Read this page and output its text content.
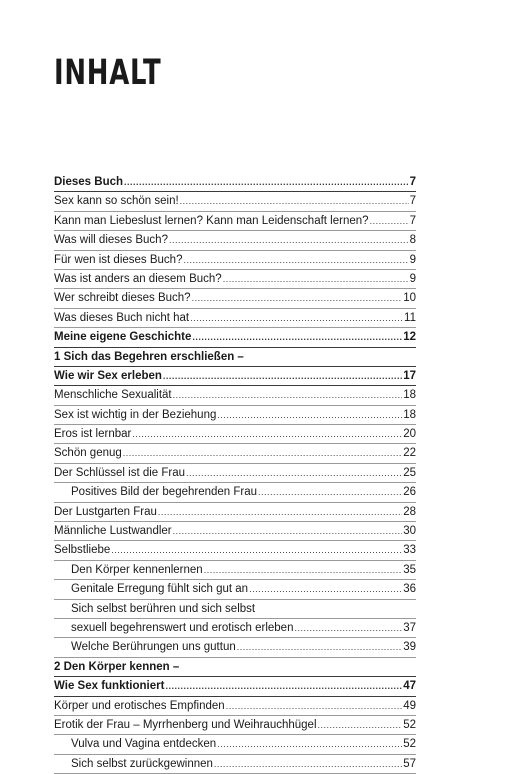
INHALT
Dieses Buch .....	7
Sex kann so schön sein! .....	7
Kann man Liebeslust lernen? Kann man Leidenschaft lernen? .....	7
Was will dieses Buch? .....	8
Für wen ist dieses Buch? .....	9
Was ist anders an diesem Buch? .....	9
Wer schreibt dieses Buch? .....	10
Was dieses Buch nicht hat .....	11
Meine eigene Geschichte .....	12
1 Sich das Begehren erschließen –
Wie wir Sex erleben .....	17
Menschliche Sexualität .....	18
Sex ist wichtig in der Beziehung .....	18
Eros ist lernbar .....	20
Schön genug .....	22
Der Schlüssel ist die Frau .....	25
Positives Bild der begehrenden Frau .....	26
Der Lustgarten Frau .....	28
Männliche Lustwandler .....	30
Selbstliebe .....	33
Den Körper kennenlernen .....	35
Genitale Erregung fühlt sich gut an .....	36
Sich selbst berühren und sich selbst
sexuell begehrenswert und erotisch erleben .....	37
Welche Berührungen uns guttun .....	39
2 Den Körper kennen –
Wie Sex funktioniert .....	47
Körper und erotisches Empfinden .....	49
Erotik der Frau – Myrrhenberg und Weihrauchhügel .....	52
Vulva und Vagina entdecken .....	52
Sich selbst zurückgewinnen .....	57
